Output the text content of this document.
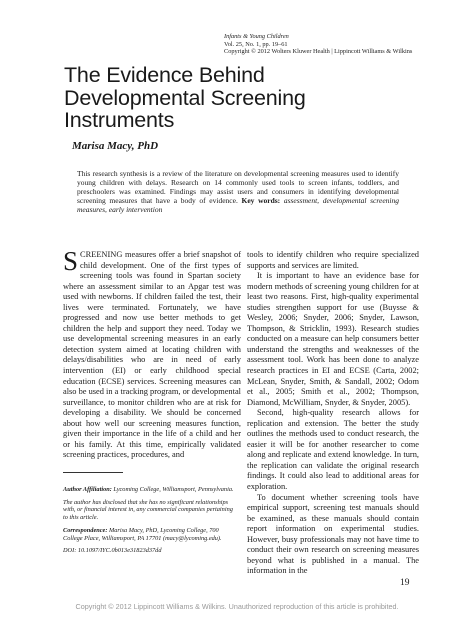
Infants & Young Children
Vol. 25, No. 1, pp. 19–61
Copyright © 2012 Wolters Kluwer Health | Lippincott Williams & Wilkins
The Evidence Behind
Developmental Screening
Instruments
Marisa Macy, PhD
This research synthesis is a review of the literature on developmental screening measures used to identify young children with delays. Research on 14 commonly used tools to screen infants, toddlers, and preschoolers was examined. Findings may assist users and consumers in identifying developmental screening measures that have a body of evidence. Key words: assessment, developmental screening measures, early intervention

SCREENING measures offer a brief snapshot of child development. One of the first types of screening tools was found in Spartan society where an assessment similar to an Apgar test was used with newborns. If children failed the test, their lives were terminated. Fortunately, we have progressed and now use better methods to get children the help and support they need. Today we use developmental screening measures in an early detection system aimed at locating children with delays/disabilities who are in need of early intervention (EI) or early childhood special education (ECSE) services. Screening measures can also be used in a tracking program, or developmental surveillance, to monitor children who are at risk for developing a disability. We should be concerned about how well our screening measures function, given their importance in the life of a child and her or his family. At this time, empirically validated screening practices, procedures, and

tools to identify children who require specialized supports and services are limited.

It is important to have an evidence base for modern methods of screening young children for at least two reasons. First, high-quality experimental studies strengthen support for use (Buysse & Wesley, 2006; Snyder, 2006; Snyder, Lawson, Thompson, & Stricklin, 1993). Research studies conducted on a measure can help consumers better understand the strengths and weaknesses of the assessment tool. Work has been done to analyze research practices in EI and ECSE (Carta, 2002; McLean, Snyder, Smith, & Sandall, 2002; Odom et al., 2005; Smith et al., 2002; Thompson, Diamond, McWilliam, Snyder, & Snyder, 2005).

Second, high-quality research allows for replication and extension. The better the study outlines the methods used to conduct research, the easier it will be for another researcher to come along and replicate and extend knowledge. In turn, the replication can validate the original research findings. It could also lead to additional areas for exploration.

To document whether screening tools have empirical support, screening test manuals should be examined, as these manuals should contain report information on experimental studies. However, busy professionals may not have time to conduct their own research on screening measures beyond what is published in a manual. The information in the

Author Affiliation: Lycoming College, Williamsport, Pennsylvania.

The author has disclosed that she has no significant relationships with, or financial interest in, any commercial companies pertaining to this article.

Correspondence: Marisa Macy, PhD, Lycoming College, 700 College Place, Williamsport, PA 17701 (macy@lycoming.edu).

DOI: 10.1097/IYC.0b013e31823d37dd

19
Copyright © 2012 Lippincott Williams & Wilkins. Unauthorized reproduction of this article is prohibited.
